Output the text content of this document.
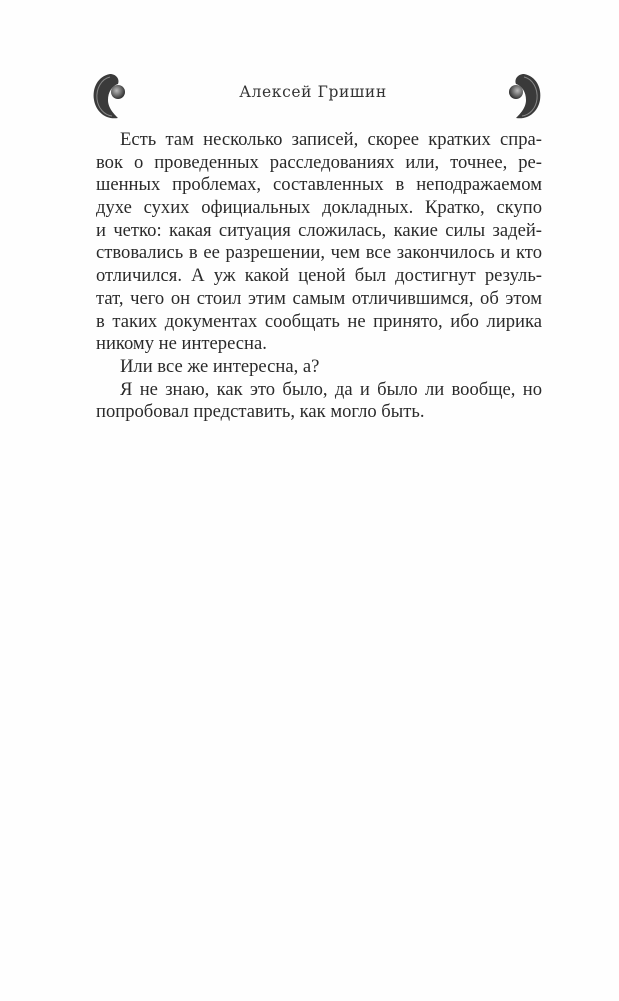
Алексей Гришин
Есть там несколько записей, скорее кратких спра-
вок о проведенных расследованиях или, точнее, ре-
шенных проблемах, составленных в неподражаемом
духе сухих официальных докладных. Кратко, скупо
и четко: какая ситуация сложилась, какие силы задей-
ствовались в ее разрешении, чем все закончилось и кто
отличился. А уж какой ценой был достигнут резуль-
тат, чего он стоил этим самым отличившимся, об этом
в таких документах сообщать не принято, ибо лирика
никому не интересна.
Или все же интересна, а?
Я не знаю, как это было, да и было ли вообще, но
попробовал представить, как могло быть.
